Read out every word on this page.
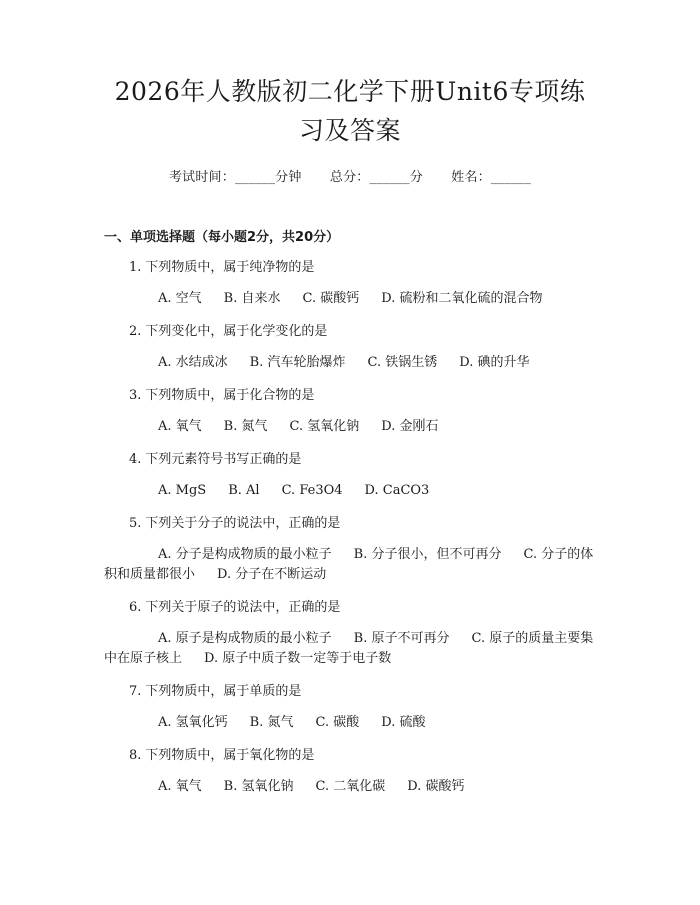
2026年人教版初二化学下册Unit6专项练习及答案
考试时间：______分钟 总分：______分 姓名：______
一、单项选择题（每小题2分，共20分）
1. 下列物质中，属于纯净物的是
A. 空气 B. 自来水 C. 碳酸钙 D. 硫粉和二氧化硫的混合物
2. 下列变化中，属于化学变化的是
A. 水结成冰 B. 汽车轮胎爆炸 C. 铁锅生锈 D. 碘的升华
3. 下列物质中，属于化合物的是
A. 氧气 B. 氮气 C. 氢氧化钠 D. 金刚石
4. 下列元素符号书写正确的是
A. MgS B. Al C. Fe3O4 D. CaCO3
5. 下列关于分子的说法中，正确的是
A. 分子是构成物质的最小粒子 B. 分子很小，但不可再分 C. 分子的体积和质量都很小 D. 分子在不断运动
6. 下列关于原子的说法中，正确的是
A. 原子是构成物质的最小粒子 B. 原子不可再分 C. 原子的质量主要集中在原子核上 D. 原子中质子数一定等于电子数
7. 下列物质中，属于单质的是
A. 氢氧化钙 B. 氮气 C. 碳酸 D. 硫酸
8. 下列物质中，属于氧化物的是
A. 氧气 B. 氢氧化钠 C. 二氧化碳 D. 碳酸钙
